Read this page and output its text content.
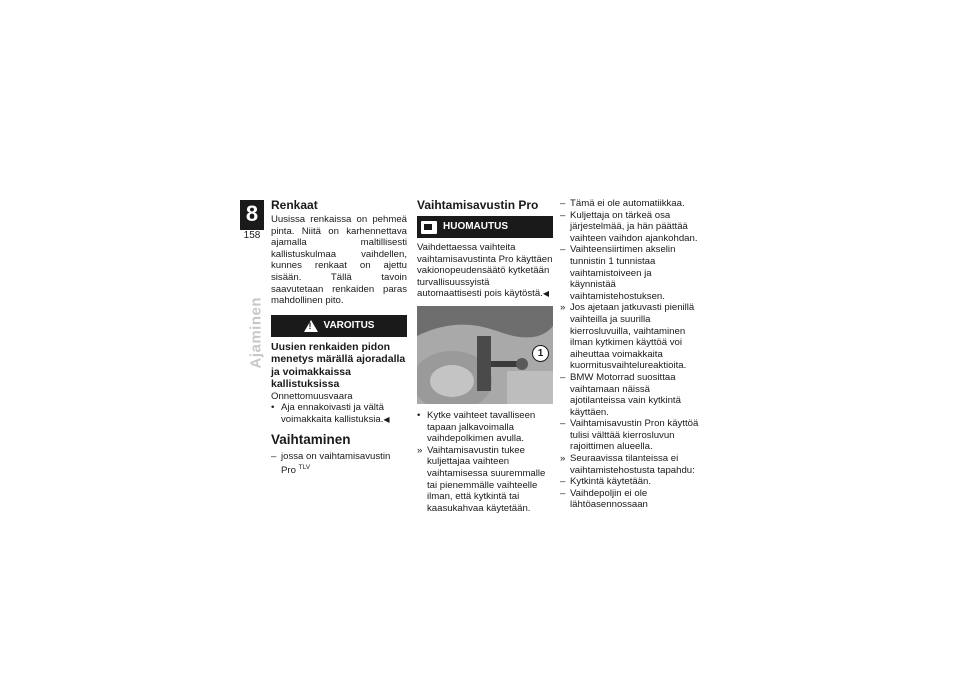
8
158
Ajaminen
Renkaat

Uusissa renkaissa on pehmeä pinta. Niitä on karhennettava ajamalla maltillisesti kallistuskulmaa vaihdellen, kunnes renkaat on ajettu sisään. Tällä tavoin saavutetaan renkaiden paras mahdollinen pito.

!
VAROITUS

Uusien renkaiden pidon menetys märällä ajoradalla ja voimakkaissa kallistuksissa

Onnettomuusvaara

• Aja ennakoivasti ja vältä voimakkaita kallistuksia.◀
Vaihtaminen
– jossa on vaihtamisavustin Pro $^{TLV}$
Vaihtamisavustin Pro
HUOMAUTUS

Vaihdettaessa vaihteita vaihtamisavustinta Pro käyttäen vakionopeudensäätö kytketään turvallisuussyistä automaattisesti pois käytöstä.◀

1
• Kytke vaihteet tavalliseen tapaan jalkavoimalla vaihdepolkimen avulla.
» Vaihtamisavustin tukee kuljettajaa vaihteen vaihtamisessa suuremmalle tai pienemmälle vaihteelle ilman, että kytkintä tai kaasukahvaa käytetään.
– Tämä ei ole automatiikkaa.
– Kuljettaja on tärkeä osa järjestelmää, ja hän päättää vaihteen vaihdon ajankohdan.
– Vaihteensiirtimen akselin tunnistin 1 tunnistaa vaihtamistoiveen ja käynnistää vaihtamistehostuksen.
» Jos ajetaan jatkuvasti pienillä vaihteilla ja suurilla kierrosluvuilla, vaihtaminen ilman kytkimen käyttöä voi aiheuttaa voimakkaita kuormitusvaihtelureaktioita.
– BMW Motorrad suosittaa vaihtamaan näissä ajotilanteissa vain kytkintä käyttäen.
– Vaihtamisavustin Pron käyttöä tulisi välttää kierrosluvun rajoittimen alueella.
» Seuraavissa tilanteissa ei vaihtamistehostusta tapahdu:
– Kytkintä käytetään.
– Vaihdepoljin ei ole lähtöasennossaan
